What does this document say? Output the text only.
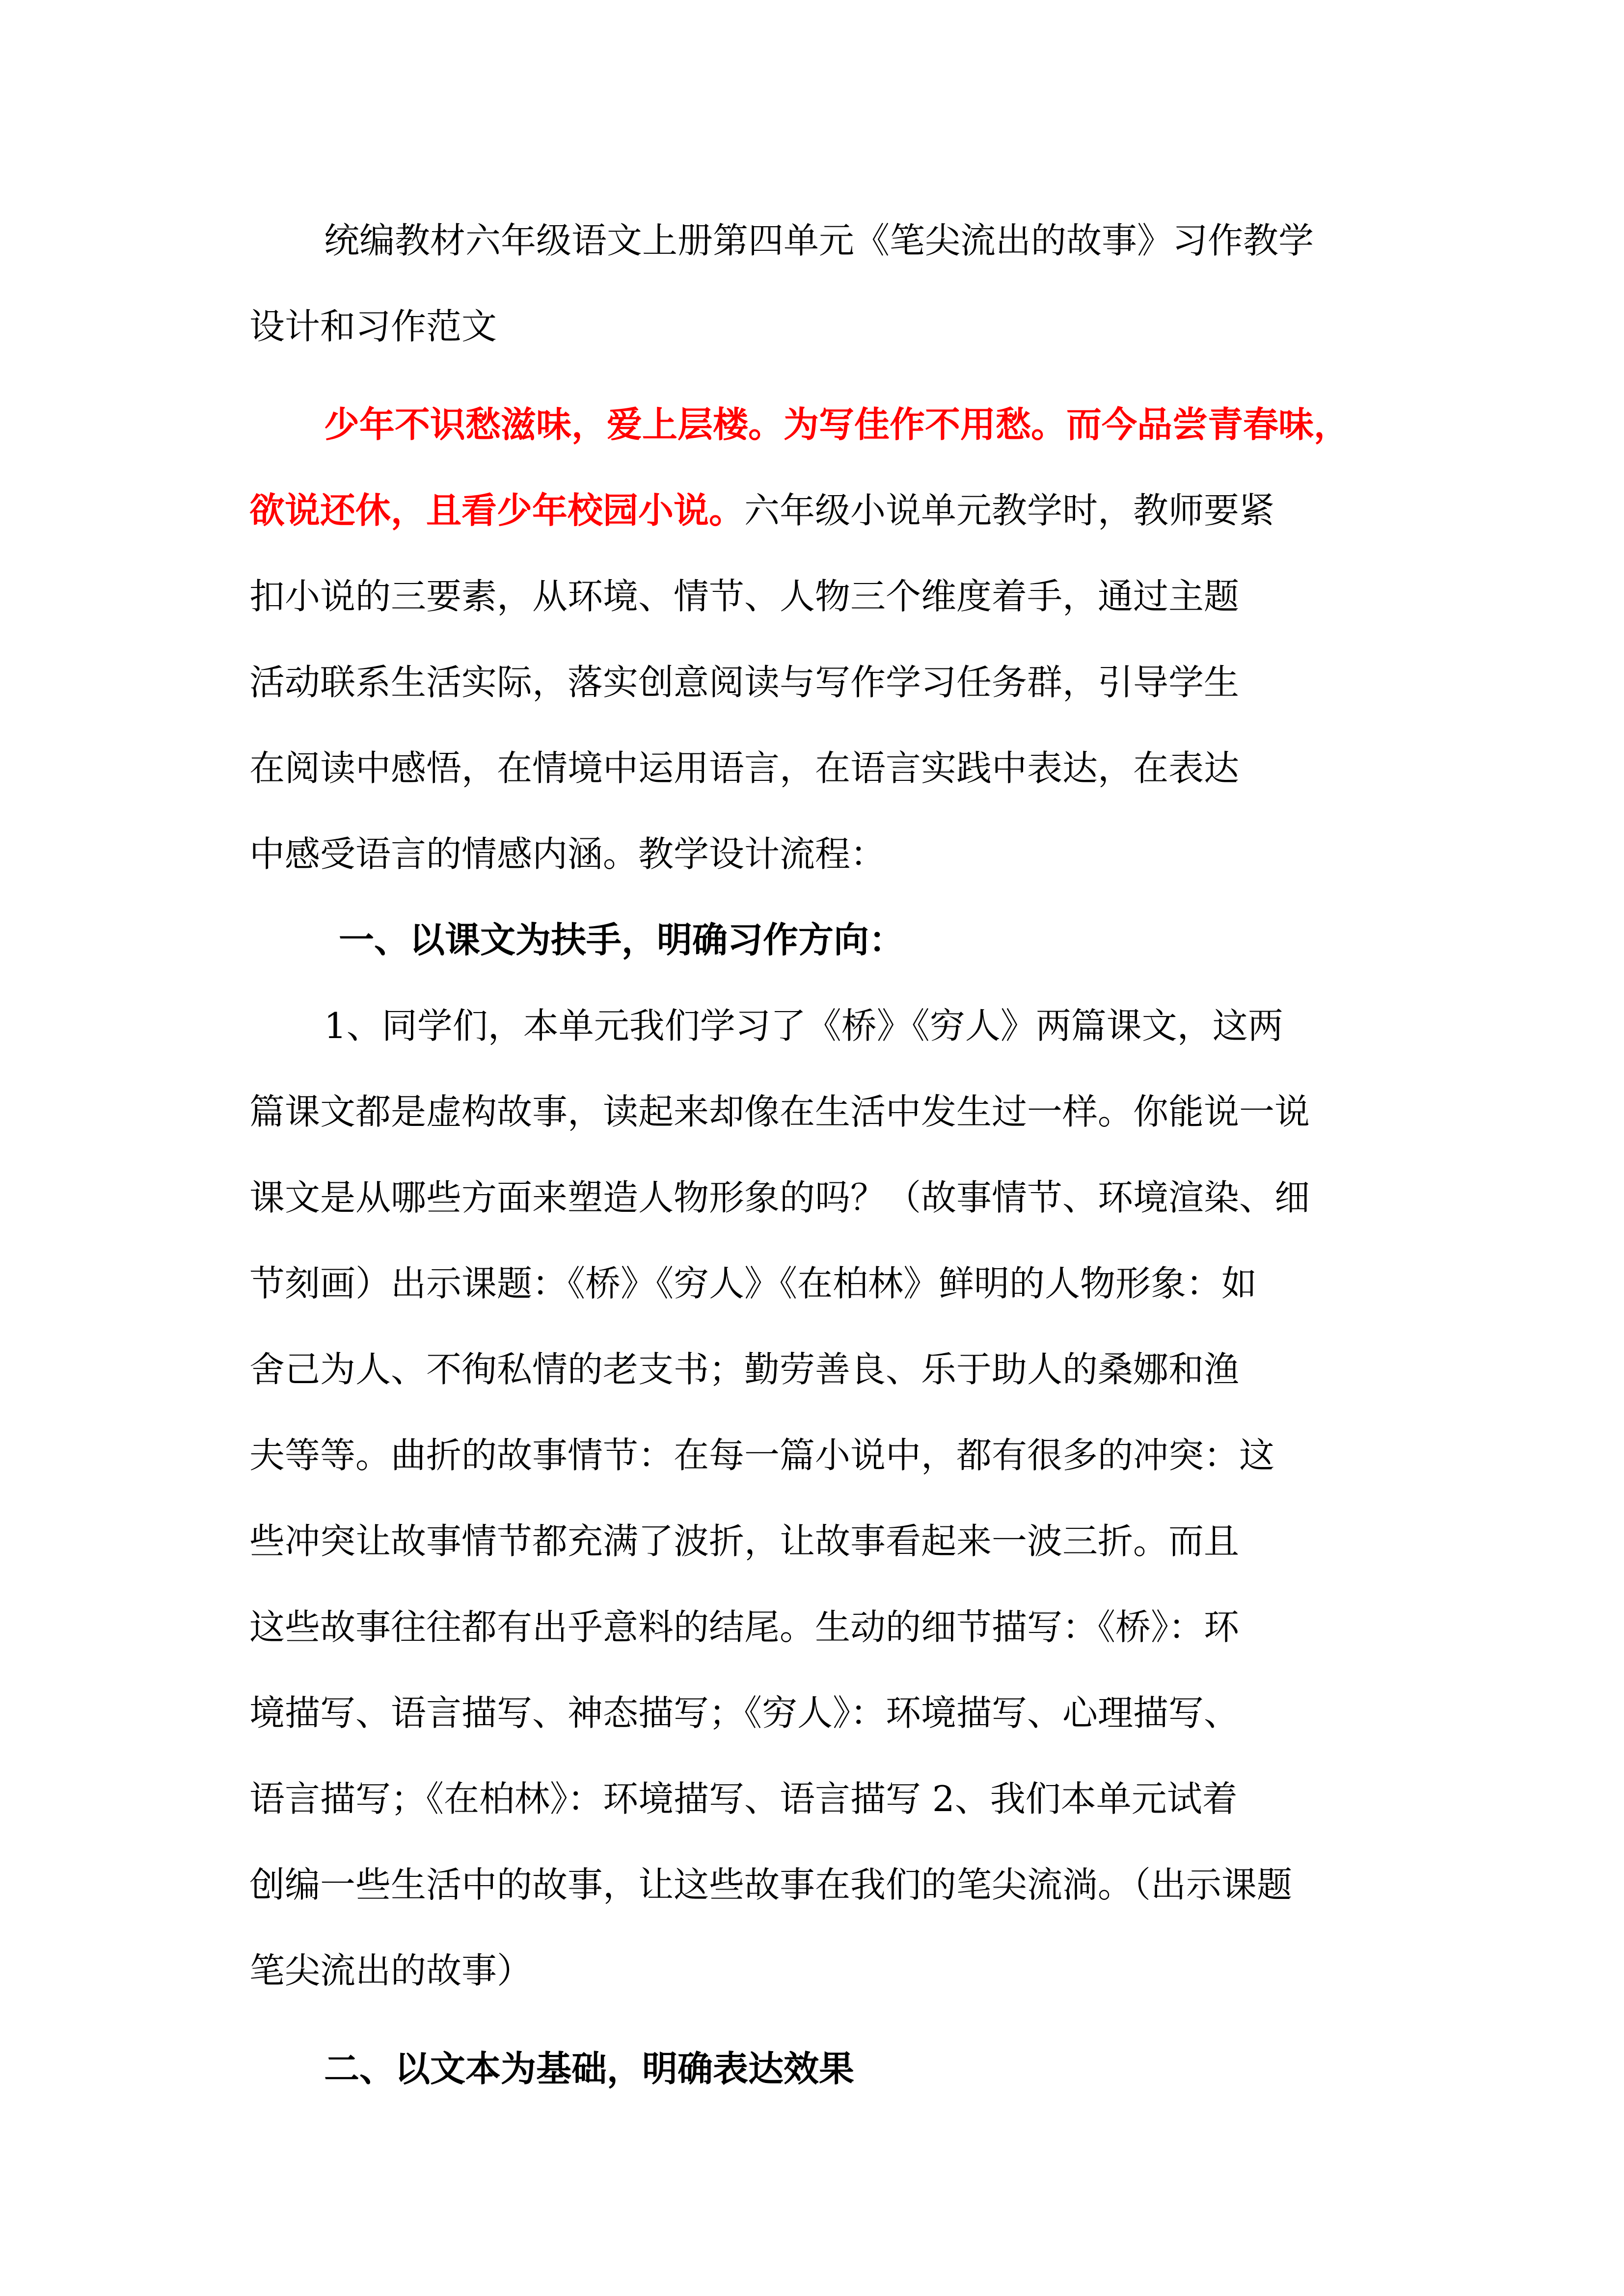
统编教材六年级语文上册第四单元《笔尖流出的故事》习作教学
设计和习作范文
少年不识愁滋味，爱上层楼。为写佳作不用愁。而今品尝青春味，
欲说还休，且看少年校园小说。六年级小说单元教学时，教师要紧
扣小说的三要素，从环境、情节、人物三个维度着手，通过主题
活动联系生活实际，落实创意阅读与写作学习任务群，引导学生
在阅读中感悟，在情境中运用语言，在语言实践中表达，在表达
中感受语言的情感内涵。教学设计流程：
一、以课文为扶手，明确习作方向：
1、同学们，本单元我们学习了《桥》《穷人》两篇课文，这两
篇课文都是虚构故事，读起来却像在生活中发生过一样。你能说一说
课文是从哪些方面来塑造人物形象的吗？（故事情节、环境渲染、细
节刻画）出示课题：《桥》《穷人》《在柏林》鲜明的人物形象：如
舍己为人、不徇私情的老支书；勤劳善良、乐于助人的桑娜和渔
夫等等。曲折的故事情节：在每一篇小说中，都有很多的冲突：这
些冲突让故事情节都充满了波折，让故事看起来一波三折。而且
这些故事往往都有出乎意料的结尾。生动的细节描写：《桥》：环
境描写、语言描写、神态描写；《穷人》：环境描写、心理描写、
语言描写；《在柏林》：环境描写、语言描写 2、我们本单元试着
创编一些生活中的故事，让这些故事在我们的笔尖流淌。（出示课题
笔尖流出的故事）
二、以文本为基础，明确表达效果
